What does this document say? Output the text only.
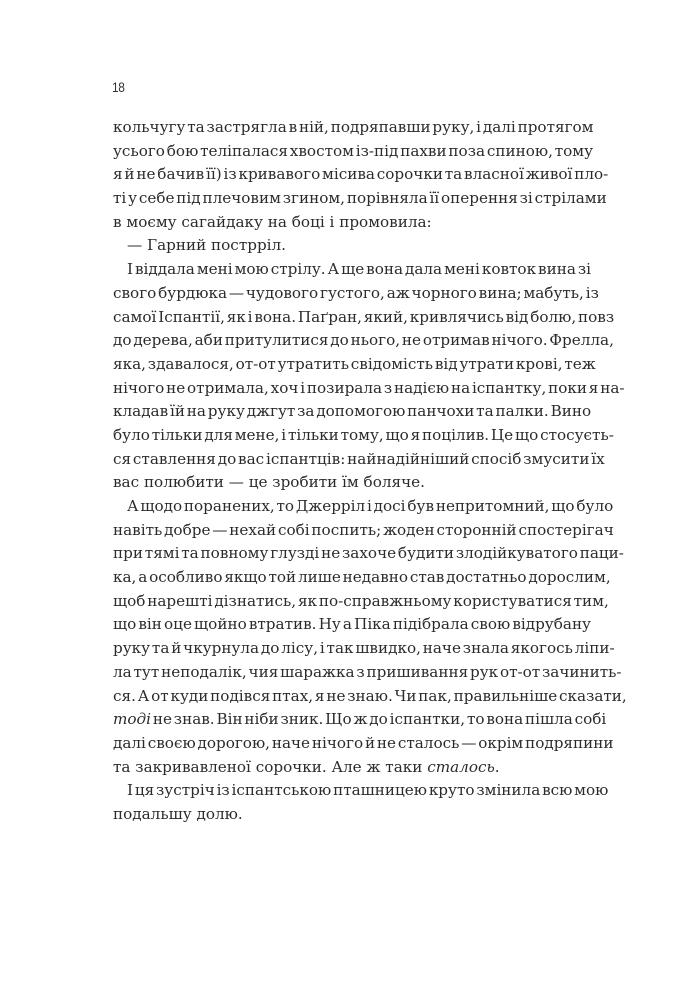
18
кольчугу та застрягла в ній, подряпавши руку, і далі протягом
усього бою теліпалася хвостом із-під пахви поза спиною, тому
я й не бачив її) із кривавого місива сорочки та власної живої пло-
ті у себе під плечовим згином, порівняла її оперення зі стрілами
в моєму сагайдаку на боці і промовила:
— Гарний пострріл.
І віддала мені мою стрілу. А ще вона дала мені ковток вина зі
свого бурдюка — чудового густого, аж чорного вина; мабуть, із
самої Іспантії, як і вона. Паґран, який, кривлячись від болю, повз
до дерева, аби притулитися до нього, не отримав нічого. Фрелла,
яка, здавалося, от-от утратить свідомість від утрати крові, теж
нічого не отримала, хоч і позирала з надією на іспантку, поки я на-
кладав їй на руку джгут за допомогою панчохи та палки. Вино
було тільки для мене, і тільки тому, що я поцілив. Це що стосуєть-
ся ставлення до вас іспантців: найнадійніший спосіб змусити їх
вас полюбити — це зробити їм боляче.
А щодо поранених, то Джерріл і досі був непритомний, що було
навіть добре — нехай собі поспить; жоден сторонній спостерігач
при тямі та повному глузді не захоче будити злодійкуватого паци-
ка, а особливо якщо той лише недавно став достатньо дорослим,
щоб нарешті дізнатись, як по-справжньому користуватися тим,
що він оце щойно втратив. Ну а Піка підібрала свою відрубану
руку та й чкурнула до лісу, і так швидко, наче знала якогось ліпи-
ла тут неподалік, чия шаражка з пришивання рук от-от зачинить-
ся. А от куди подівся птах, я не знаю. Чи пак, правильніше сказати,
тоді не знав. Він ніби зник. Що ж до іспантки, то вона пішла собі
далі своєю дорогою, наче нічого й не сталось — окрім подряпини
та закривавленої сорочки. Але ж таки сталось.
І ця зустріч із іспантською пташницею круто змінила всю мою
подальшу долю.
